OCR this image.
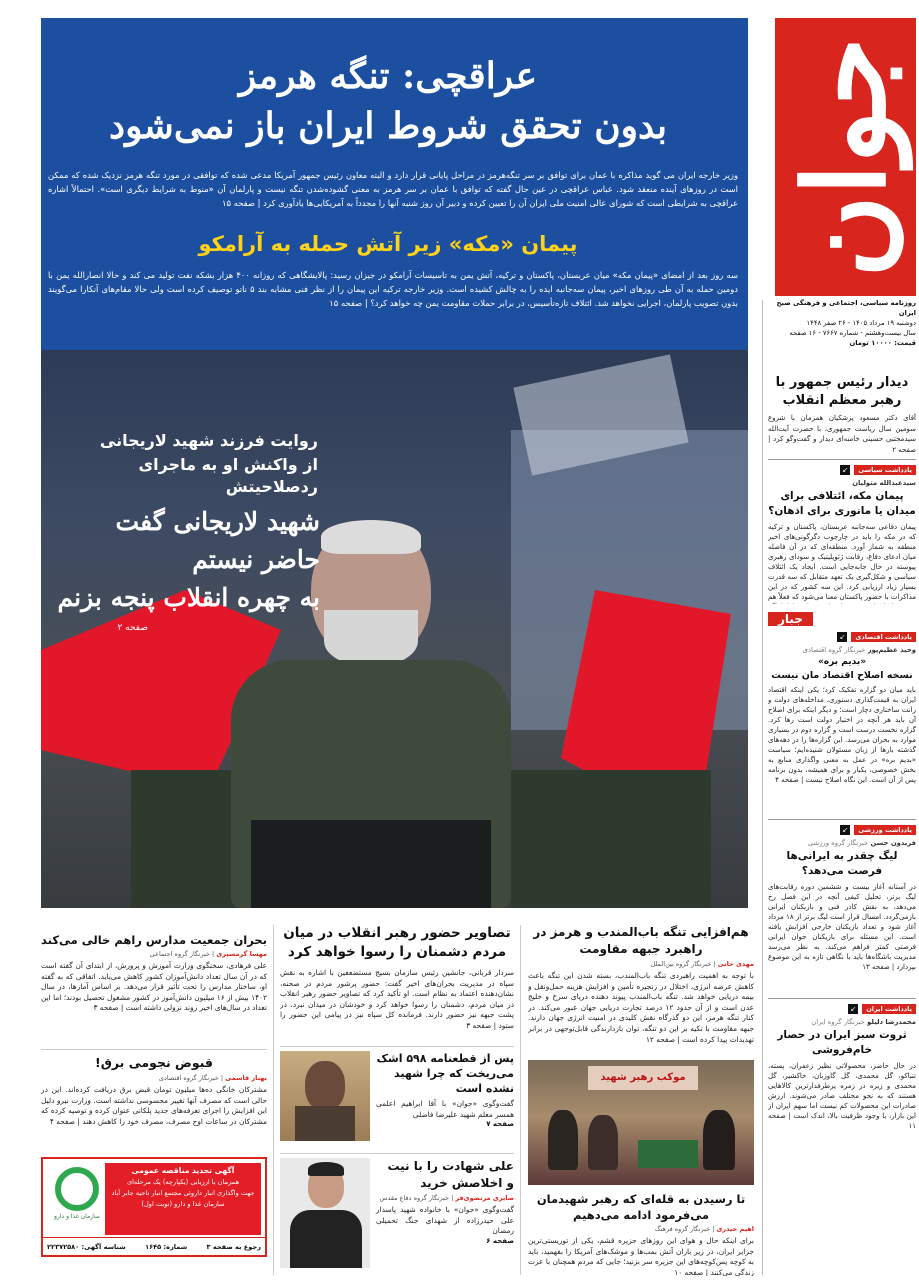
جوان
روزنامه سیاسی، اجتماعی و فرهنگی صبح ایران
دوشنبه ۱۹ مرداد ۱۴۰۵ - ۲۶ صفر ۱۴۴۸
سال بیست‌وهشتم - شماره ۷۶۶۷ - ۱۶ صفحه
قیمت: ۱۰۰۰۰ تومان
عراقچی: تنگه هرمز
بدون تحقق شروط ایران باز نمی‌شود
وزیر خارجه ایران می گوید مذاکره با عمان برای توافق بر سر تنگه‌هرمز در مراحل پایانی قرار دارد و البته معاون رئیس جمهور آمریکا مدعی شده که توافقی در مورد تنگه هرمز نزدیک شده که ممکن است در روزهای آینده منعقد شود. عباس عراقچی در عین حال گفته که توافق با عمان بر سر هرمز به معنی گشوده‌شدن تنگه نیست و پارلمان آن «منوط به شرایط دیگری است». احتمالاً اشاره عراقچی به شرایطی است که شورای عالی امنیت ملی ایران آن را تعیین کرده و دبیر آن روز شنبه آنها را مجدداً به آمریکایی‌ها یادآوری کرد | صفحه ۱۵
پیمان «مکه» زیر آتش حمله به آرامکو
سه روز بعد از امضای «پیمان مکه» میان عربستان، پاکستان و ترکیه، آتش یمن به تاسیسات آرامکو در جیزان رسید: پالایشگاهی که روزانه ۴۰۰ هزار بشکه نفت تولید می کند و حالا انصارالله یمن با دومین حمله به آن طی روزهای اخیر، پیمان سه‌جانبه ایده را به چالش کشیده است. وزیر خارجه ترکیه این پیمان را از نظر فنی مشابه بند ۵ ناتو توصیف کرده است ولی حالا مقام‌های آنکارا می‌گویند بدون تصویب پارلمان، اجرایی نخواهد شد. ائتلاف تازه‌تأسیس، در برابر حملات مقاومت یمن چه خواهد کرد؟ | صفحه ۱۵
روایت فرزند شهید لاریجانی
از واکنش او به ماجرای ردصلاحیتش
شهید لاریجانی گفت
حاضر نیستم
به چهره انقلاب پنجه بزنم
صفحه ۲
دیدار رئیس جمهور با رهبر معظم انقلاب
آقای دکتر مسعود پزشکیان همزمان با شروع سومین سال ریاست جمهوری، با حضرت آیت‌الله سیدمجتبی حسینی خامنه‌ای دیدار و گفت‌وگو کرد | صفحه ۲
یادداشت سیاسی
↙
سیدعبدالله متولیان
پیمان مکه، ائتلافی برای میدان یا مانوری برای اذهان؟
پیمان دفاعی سه‌جانبه عربستان، پاکستان و ترکیه که در مکه را باید در چارچوب دگرگونی‌های اخیر منطقه به شمار آورد. منطقه‌ای که در آن فاصله میان ادعای دفاع، رقابت ژئوپلیتیک و سودای رهبری پیوسته در حال جابه‌جایی است. ایجاد یک ائتلاف سیاسی و شکل‌گیری یک تعهد متقابل که سه قدرت بسیار زیاد ارزیابی کرد. این سه کشور که در این مذاکرات با حضور پاکستان معنا می‌شود که فعلاً هم
جبار
یادداشت اقتصادی
↙
وحید عظیم‌پور خبرنگار گروه اقتصادی
«بدیم بره»
نسخه اصلاح اقتصاد مان نیست
باید میان دو گزاره تفکیک کرد؛ یکی اینکه اقتصاد ایران به قیمت‌گذاری دستوری، مداخله‌های دولت و رانت ساختاری دچار است؛ و دیگر اینکه برای اصلاح آن باید هر آنچه در اختیار دولت است رها کرد. گزاره نخست درست است و گزاره دوم در بسیاری موارد به بحران می‌رسد. این گزاره‌ها را در دهه‌های گذشته بارها از زبان مسئولان شنیده‌ایم؛ سیاست «بدیم بره» در عمل به معنی واگذاری منابع به بخش خصوصی، یکبار و برای همیشه، بدون برنامه پس از آن است. این نگاه اصلاح نیست | صفحه ۴
یادداشت ورزشی
↙
فریدون حسن خبرنگار گروه ورزشی
لیگ چقدر به ایرانی‌ها فرصت می‌دهد؟
در آستانه آغاز بیست و ششمین دوره رقابت‌های لیگ برتر، تحلیل کیفی آنچه در این فصل رخ می‌دهد، به نقش کادر فنی و بازیکنان ایرانی بازمی‌گردد. امسال قرار است لیگ برتر از ۱۸ مرداد آغاز شود و تعداد بازیکنان خارجی افزایش یافته است. این مسئله برای بازیکنان جوان ایرانی فرصتی کمتر فراهم می‌کند. به نظر می‌رسد مدیریت باشگاه‌ها باید با نگاهی تازه به این موضوع بپردازد | صفحه ۱۳
یادداشت ایران
↙
محمدرضا دلیلو خبرنگار گروه ایران
ثروت سبز ایران در حصار خام‌فروشی
در حال حاضر، محصولاتی نظیر زعفران، پسته، تنباکو، گل محمدی، گل گاوزبان، خاکشیر، گل محمدی و زیره در زمره پرطرفدارترین کالاهایی هستند که به نحو مختلف صادر می‌شوند. ارزش صادرات این محصولات کم نیست اما سهم ایران از این بازار، با وجود ظرفیت بالا، اندک است | صفحه ۱۱
هم‌افزایی تنگه باب‌المندب و هرمز در راهبرد جبهه مقاومت
مهدی خانی | خبرنگار گروه بین‌الملل
با توجه به اهمیت راهبردی تنگه باب‌المندب، بسته شدن این تنگه باعث کاهش عرضه انرژی، اختلال در زنجیره تأمین و افزایش هزینه حمل‌ونقل و بیمه دریایی خواهد شد. تنگه باب‌المندب پیوند دهنده دریای سرخ و خلیج عدن است و از آن حدود ۱۲ درصد تجارت دریایی جهان عبور می‌کند. در کنار تنگه هرمز، این دو گذرگاه نقش کلیدی در امنیت انرژی جهان دارند. جبهه مقاومت با تکیه بر این دو تنگه، توان بازدارندگی قابل‌توجهی در برابر تهدیدات پیدا کرده است | صفحه ۱۲
موکب رهبر شهید
تا رسیدن به قله‌ای که رهبر شهیدمان می‌فرمود ادامه می‌دهیم
اهیم حیدری | خبرنگار گروه فرهنگ
برای اینکه حال و هوای این روزهای جزیره قشم، یکی از توریستی‌ترین جزایر ایران، در زیر باران آتش بمب‌ها و موشک‌های آمریکا را بفهمید، باید به کوچه پس‌کوچه‌های این جزیره سر بزنید؛ جایی که مردم همچنان با عزت زندگی می‌کنند | صفحه ۱۰
تصاویر حضور رهبر انقلاب در میان مردم دشمنان را رسوا خواهد کرد
سردار قربانی، جانشین رئیس سازمان بسیج مستضعفین با اشاره به نقش سپاه در مدیریت بحران‌های اخیر گفت: حضور پرشور مردم در صحنه، نشان‌دهنده اعتماد به نظام است. او تأکید کرد که تصاویر حضور رهبر انقلاب در میان مردم، دشمنان را رسوا خواهد کرد و خودشان در میدان نبرد، در پشت جبهه نیز حضور دارند. فرمانده کل سپاه نیز در پیامی این حضور را ستود | صفحه ۳
پس از قطعنامه ۵۹۸ اشک می‌ریخت که چرا شهید نشده است
گفت‌وگوی «جوان» با آقا ابراهیم اعلمی همسر معلم شهید علیرضا فاضلی
صفحه ۷
علی شهادت را با نیت و اخلاصش خرید
صابری مرتضوی‌فر | خبرنگار گروه دفاع مقدس
گفت‌وگوی «جوان» با خانواده شهید پاسدار علی حیدرزاده از شهدای جنگ تحمیلی رمضان
صفحه ۶
بحران جمعیت مدارس راهم خالی می‌کند
مهسا گرمسیری | خبرنگار گروه اجتماعی
علی فرهادی، سخنگوی وزارت آموزش و پرورش، از ابتدای آن گفته است که در آن سال تعداد دانش‌آموزان کشور کاهش می‌یابد. اتفاقی که به گفته او، ساختار مدارس را تحت تأثیر قرار می‌دهد. بر اساس آمارها، در سال ۱۴۰۲ بیش از ۱۶ میلیون دانش‌آموز در کشور مشغول تحصیل بودند؛ اما این تعداد در سال‌های اخیر روند نزولی داشته است | صفحه ۳
قبوض نجومی برق!
بهناز قاسمی | خبرنگار گروه اقتصادی
مشترکان خانگی ده‌ها میلیون تومان قبض برق دریافت کرده‌اند. این در حالی است که مصرف آنها تغییر محسوسی نداشته است. وزارت نیرو دلیل این افزایش را اجرای تعرفه‌های جدید پلکانی عنوان کرده و توصیه کرده که مشترکان در ساعات اوج مصرف، مصرف خود را کاهش دهند | صفحه ۴
آگهی تجدید مناقصه عمومی
همزمان با ارزیابی (یکپارچه) یک مرحله‌ای
جهت واگذاری انبار داروئی مجتمع انبار ناحیه جابر آباد
سازمان غذا و دارو (نوبت اول)
سازمان غذا و دارو
رجوع به صفحه ۳
شماره: ۱۶۴۵
شناسه آگهی: ۲۲۳۷۲۵۸۰
